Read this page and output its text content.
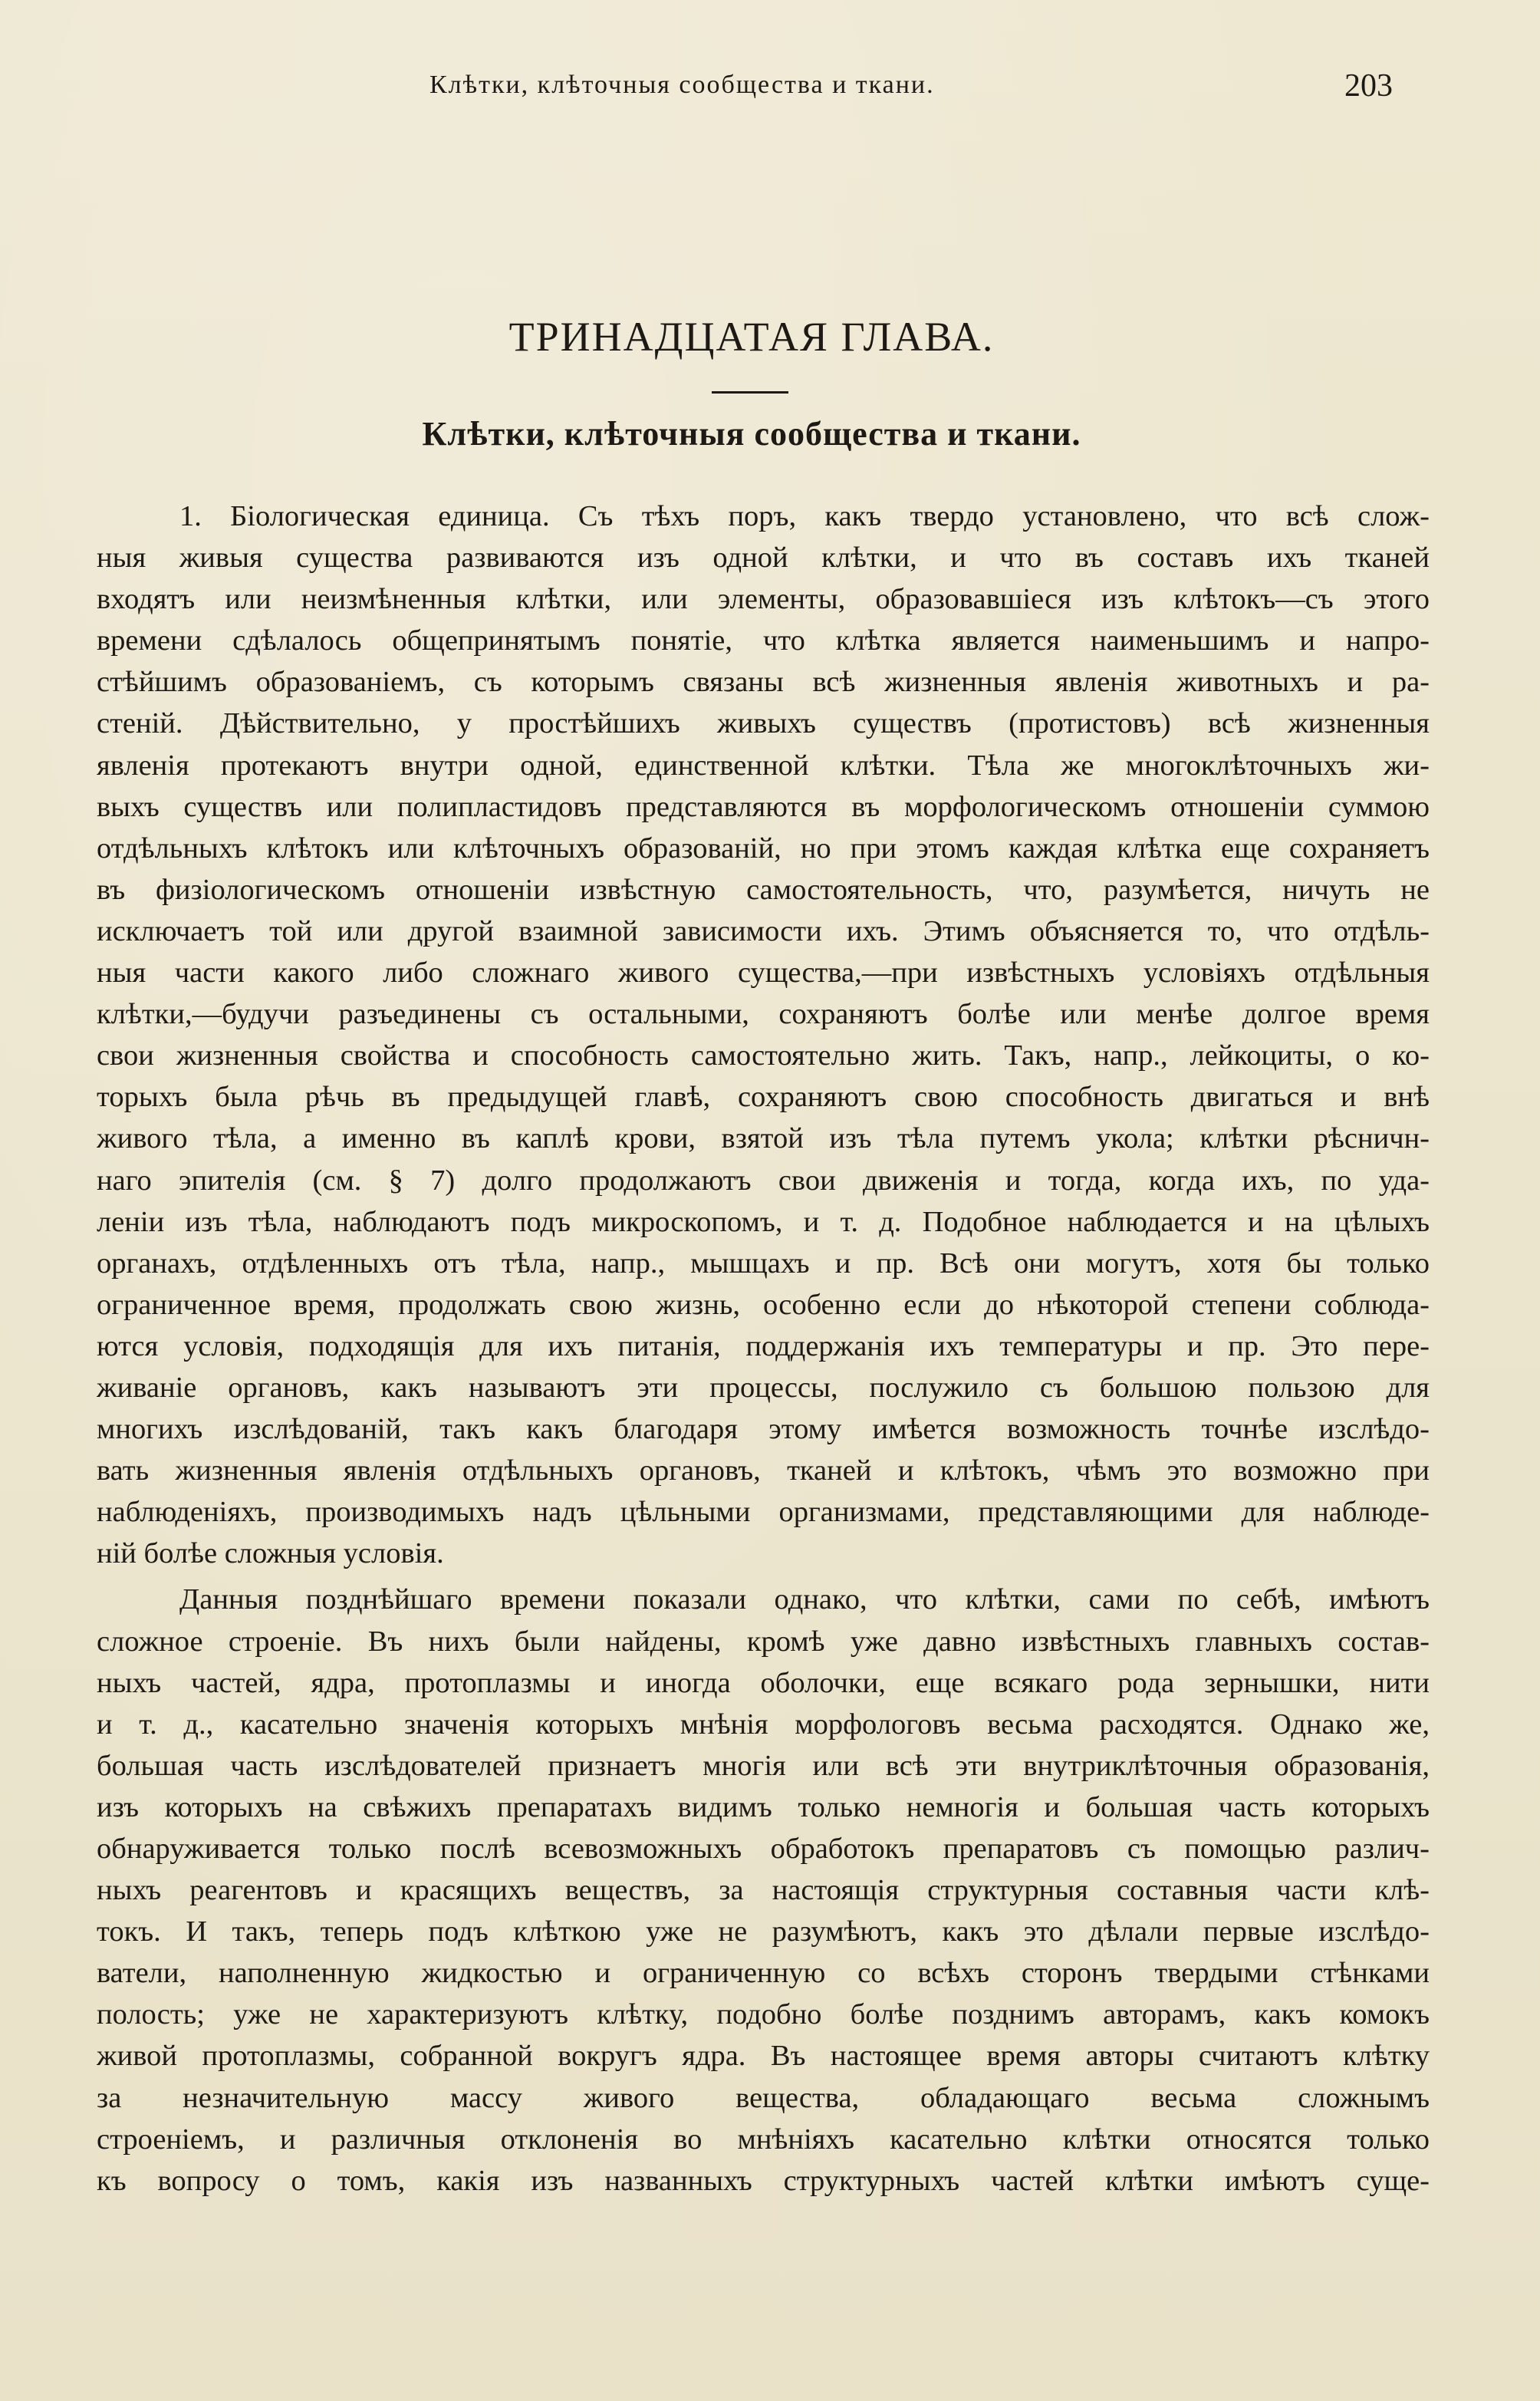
Клѣтки, клѣточныя сообщества и ткани.	203
ТРИНАДЦАТАЯ ГЛАВА.
Клѣтки, клѣточныя сообщества и ткани.
1. Біологическая единица. Съ тѣхъ поръ, какъ твердо установлено, что всѣ слож-
ныя живыя существа развиваются изъ одной клѣтки, и что въ составъ ихъ тканей
входятъ или неизмѣненныя клѣтки, или элементы, образовавшіеся изъ клѣтокъ—съ этого
времени сдѣлалось общепринятымъ понятіе, что клѣтка является наименьшимъ и напро-
стѣйшимъ образованіемъ, съ которымъ связаны всѣ жизненныя явленія животныхъ и ра-
стеній. Дѣйствительно, у простѣйшихъ живыхъ существъ (протистовъ) всѣ жизненныя
явленія протекаютъ внутри одной, единственной клѣтки. Тѣла же многоклѣточныхъ жи-
выхъ существъ или полипластидовъ представляются въ морфологическомъ отношеніи суммою
отдѣльныхъ клѣтокъ или клѣточныхъ образованій, но при этомъ каждая клѣтка еще сохраняетъ
въ физіологическомъ отношеніи извѣстную самостоятельность, что, разумѣется, ничуть не
исключаетъ той или другой взаимной зависимости ихъ. Этимъ объясняется то, что отдѣль-
ныя части какого либо сложнаго живого существа,—при извѣстныхъ условіяхъ отдѣльныя
клѣтки,—будучи разъединены съ остальными, сохраняютъ болѣе или менѣе долгое время
свои жизненныя свойства и способность самостоятельно жить. Такъ, напр., лейкоциты, о ко-
торыхъ была рѣчь въ предыдущей главѣ, сохраняютъ свою способность двигаться и внѣ
живого тѣла, а именно въ каплѣ крови, взятой изъ тѣла путемъ укола; клѣтки рѣсничн-
наго эпителія (см. § 7) долго продолжаютъ свои движенія и тогда, когда ихъ, по уда-
леніи изъ тѣла, наблюдаютъ подъ микроскопомъ, и т. д. Подобное наблюдается и на цѣлыхъ
органахъ, отдѣленныхъ отъ тѣла, напр., мышцахъ и пр. Всѣ они могутъ, хотя бы только
ограниченное время, продолжать свою жизнь, особенно если до нѣкоторой степени соблюда-
ются условія, подходящія для ихъ питанія, поддержанія ихъ температуры и пр. Это пере-
живаніе органовъ, какъ называютъ эти процессы, послужило съ большою пользою для
многихъ изслѣдованій, такъ какъ благодаря этому имѣется возможность точнѣе изслѣдо-
вать жизненныя явленія отдѣльныхъ органовъ, тканей и клѣтокъ, чѣмъ это возможно при
наблюденіяхъ, производимыхъ надъ цѣльными организмами, представляющими для наблюде-
ній болѣе сложныя условія.
Данныя позднѣйшаго времени показали однако, что клѣтки, сами по себѣ, имѣютъ
сложное строеніе. Въ нихъ были найдены, кромѣ уже давно извѣстныхъ главныхъ состав-
ныхъ частей, ядра, протоплазмы и иногда оболочки, еще всякаго рода зернышки, нити
и т. д., касательно значенія которыхъ мнѣнія морфологовъ весьма расходятся. Однако же,
большая часть изслѣдователей признаетъ многія или всѣ эти внутриклѣточныя образованія,
изъ которыхъ на свѣжихъ препаратахъ видимъ только немногія и большая часть которыхъ
обнаруживается только послѣ всевозможныхъ обработокъ препаратовъ съ помощью различ-
ныхъ реагентовъ и красящихъ веществъ, за настоящія структурныя составныя части клѣ-
токъ. И такъ, теперь подъ клѣткою уже не разумѣютъ, какъ это дѣлали первые изслѣдо-
ватели, наполненную жидкостью и ограниченную со всѣхъ сторонъ твердыми стѣнками
полость; уже не характеризуютъ клѣтку, подобно болѣе позднимъ авторамъ, какъ комокъ
живой протоплазмы, собранной вокругъ ядра. Въ настоящее время авторы считаютъ клѣтку
за незначительную массу живого вещества, обладающаго весьма сложнымъ
строеніемъ, и различныя отклоненія во мнѣніяхъ касательно клѣтки относятся только
къ вопросу о томъ, какія изъ названныхъ структурныхъ частей клѣтки имѣютъ суще-
